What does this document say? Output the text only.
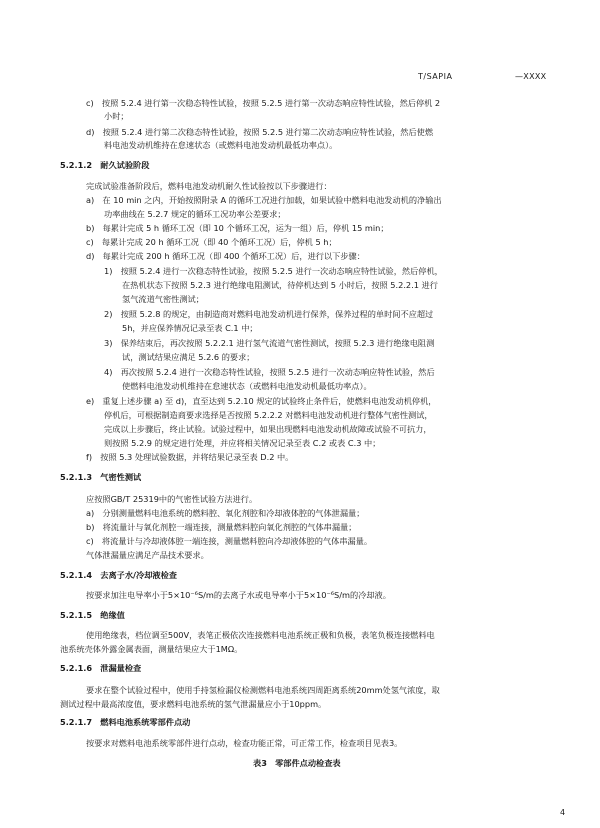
T/SAPIA	—XXXX
c)　按照 5.2.4 进行第一次稳态特性试验，按照 5.2.5 进行第一次动态响应特性试验，然后停机 2
小时；
d)　按照 5.2.4 进行第二次稳态特性试验，按照 5.2.5 进行第二次动态响应特性试验，然后使燃
料电池发动机维持在怠速状态（或燃料电池发动机最低功率点）。
5.2.1.2　耐久试验阶段
完成试验准备阶段后，燃料电池发动机耐久性试验按以下步骤进行：
a)　在 10 min 之内，开始按照附录 A 的循环工况进行加载，如果试验中燃料电池发动机的净输出
功率曲线在 5.2.7 规定的循环工况功率公差要求；
b)　每累计完成 5 h 循环工况（即 10 个循环工况，运为一组）后，停机 15 min；
c)　每累计完成 20 h 循环工况（即 40 个循环工况）后，停机 5 h；
d)　每累计完成 200 h 循环工况（即 400 个循环工况）后，进行以下步骤：
1)　按照 5.2.4 进行一次稳态特性试验，按照 5.2.5 进行一次动态响应特性试验，然后停机，
在热机状态下按照 5.2.3 进行绝缘电阻测试，待停机达到 5 小时后，按照 5.2.2.1 进行
氢气流道气密性测试；
2)　按照 5.2.8 的规定，由制造商对燃料电池发动机进行保养，保养过程的单时间不应超过
5h，并应保养情况记录至表 C.1 中；
3)　保养结束后，再次按照 5.2.2.1 进行氢气流道气密性测试，按照 5.2.3 进行绝缘电阻测
试，测试结果应满足 5.2.6 的要求；
4)　再次按照 5.2.4 进行一次稳态特性试验，按照 5.2.5 进行一次动态响应特性试验，然后
使燃料电池发动机维持在怠速状态（或燃料电池发动机最低功率点）。
e)　重复上述步骤 a) 至 d)，直至达到 5.2.10 规定的试验终止条件后，使燃料电池发动机停机，
停机后，可根据制造商要求选择是否按照 5.2.2.2 对燃料电池发动机进行整体气密性测试，
完成以上步骤后，终止试验。试验过程中，如果出现燃料电池发动机故障或试验不可抗力，
则按照 5.2.9 的规定进行处理，并应将相关情况记录至表 C.2 或表 C.3 中；
f)　按照 5.3 处理试验数据，并将结果记录至表 D.2 中。
5.2.1.3　气密性测试
应按照GB/T 25319中的气密性试验方法进行。
a)　分别测量燃料电池系统的燃料腔、氧化剂腔和冷却液体腔的气体泄漏量；
b)　将流量计与氧化剂腔一端连接，测量燃料腔向氧化剂腔的气体串漏量；
c)　将流量计与冷却液体腔一端连接，测量燃料腔向冷却液体腔的气体串漏量。
气体泄漏量应满足产品技术要求。
5.2.1.4　去离子水/冷却液检查
按要求加注电导率小于5×10⁻⁶S/m的去离子水或电导率小于5×10⁻⁶S/m的冷却液。
5.2.1.5　绝缘值
使用绝缘表，档位调至500V，表笔正极依次连接燃料电池系统正极和负极，表笔负极连接燃料电
池系统壳体外露金属表面，测量结果应大于1MΩ。
5.2.1.6　泄漏量检查
要求在整个试验过程中，使用手持氢检漏仪检测燃料电池系统四周距离系统20mm处氢气浓度，取
测试过程中最高浓度值，要求燃料电池系统的氢气泄漏量应小于10ppm。
5.2.1.7　燃料电池系统零部件点动
按要求对燃料电池系统零部件进行点动，检查功能正常，可正常工作，检查项目见表3。
表3　零部件点动检查表
4
